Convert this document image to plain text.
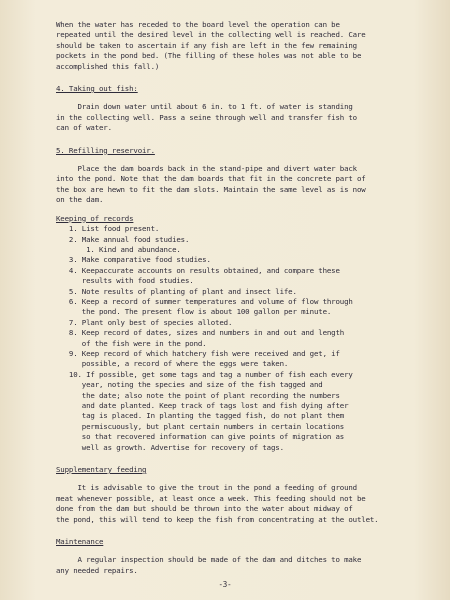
When the water has receded to the board level the operation can be

repeated until the desired level in the collecting well is reached. Care

should be taken to ascertain if any fish are left in the few remaining

pockets in the pond bed. (The filling of these holes was not able to be

accomplished this fall.)

4. Taking out fish:

Drain down water until about 6 in. to 1 ft. of water is standing

in the collecting well. Pass a seine through well and transfer fish to

can of water.

5. Refilling reservoir.

Place the dam boards back in the stand-pipe and divert water back

into the pond. Note that the dam boards that fit in the concrete part of

the box are hewn to fit the dam slots. Maintain the same level as is now

on the dam.

Keeping of records

1. List food present.
2. Make annual food studies.
1. Kind and abundance.
3. Make comparative food studies.
4. Keepaccurate accounts on results obtained, and compare these
results with food studies.
5. Note results of planting of plant and insect life.
6. Keep a record of summer temperatures and volume of flow through
the pond. The present flow is about 100 gallon per minute.
7. Plant only best of species alloted.
8. Keep record of dates, sizes and numbers in and out and length
of the fish were in the pond.
9. Keep record of which hatchery fish were received and get, if
possible, a record of where the eggs were taken.
10. If possible, get some tags and tag a number of fish each every
year, noting the species and size of the fish tagged and
the date; also note the point of plant recording the numbers
and date planted. Keep track of tags lost and fish dying after
tag is placed. In planting the tagged fish, do not plant them
permiscuously, but plant certain numbers in certain locations
so that recovered information can give points of migration as
well as growth. Advertise for recovery of tags.

Supplementary feeding

It is advisable to give the trout in the pond a feeding of ground

meat whenever possible, at least once a week. This feeding should not be

done from the dam but should be thrown into the water about midway of

the pond, this will tend to keep the fish from concentrating at the outlet.

Maintenance

A regular inspection should be made of the dam and ditches to make

any needed repairs.

-3-
